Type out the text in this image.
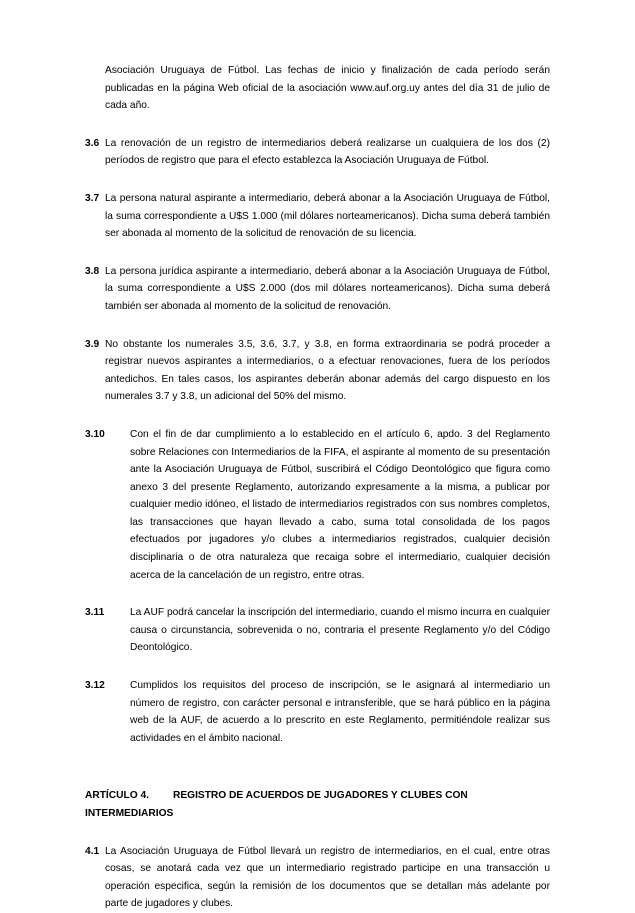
Asociación Uruguaya de Fútbol. Las fechas de inicio y finalización de cada período serán publicadas en la página Web oficial de la asociación www.auf.org.uy antes del día 31 de julio de cada año.
3.6 La renovación de un registro de intermediarios deberá realizarse un cualquiera de los dos (2) períodos de registro que para el efecto establezca la Asociación Uruguaya de Fútbol.
3.7 La persona natural aspirante a intermediario, deberá abonar a la Asociación Uruguaya de Fútbol, la suma correspondiente a U$S 1.000 (mil dólares norteamericanos). Dicha suma deberá también ser abonada al momento de la solicitud de renovación de su licencia.
3.8 La persona jurídica aspirante a intermediario, deberá abonar a la Asociación Uruguaya de Fútbol, la suma correspondiente a U$S 2.000 (dos mil dólares norteamericanos). Dicha suma deberá también ser abonada al momento de la solicitud de renovación.
3.9 No obstante los numerales 3.5, 3.6, 3.7, y 3.8, en forma extraordinaria se podrá proceder a registrar nuevos aspirantes a intermediarios, o a efectuar renovaciones, fuera de los períodos antedichos. En tales casos, los aspirantes deberán abonar además del cargo dispuesto en los numerales 3.7 y 3.8, un adicional del 50% del mismo.
3.10 Con el fin de dar cumplimiento a lo establecido en el artículo 6, apdo. 3 del Reglamento sobre Relaciones con Intermediarios de la FIFA, el aspirante al momento de su presentación ante la Asociación Uruguaya de Fútbol, suscribirá el Código Deontológico que figura como anexo 3 del presente Reglamento, autorizando expresamente a la misma, a publicar por cualquier medio idóneo, el listado de intermediarios registrados con sus nombres completos, las transacciones que hayan llevado a cabo, suma total consolidada de los pagos efectuados por jugadores y/o clubes a intermediarios registrados, cualquier decisión disciplinaria o de otra naturaleza que recaiga sobre el intermediario, cualquier decisión acerca de la cancelación de un registro, entre otras.
3.11	La AUF podrá cancelar la inscripción del intermediario, cuando el mismo incurra en cualquier causa o circunstancia, sobrevenida o no, contraria el presente Reglamento y/o del Código Deontológico.
3.12 Cumplidos los requisitos del proceso de inscripción, se le asignará al intermediario un número de registro, con carácter personal e intransferible, que se hará público en la página web de la AUF, de acuerdo a lo prescrito en este Reglamento, permitiéndole realizar sus actividades en el ámbito nacional.
ARTÍCULO 4. REGISTRO DE ACUERDOS DE JUGADORES Y CLUBES CON INTERMEDIARIOS
4.1 La Asociación Uruguaya de Fútbol llevará un registro de intermediarios, en el cual, entre otras cosas, se anotará cada vez que un intermediario registrado participe en una transacción u operación especifica, según la remisión de los documentos que se detallan más adelante por parte de jugadores y clubes.
